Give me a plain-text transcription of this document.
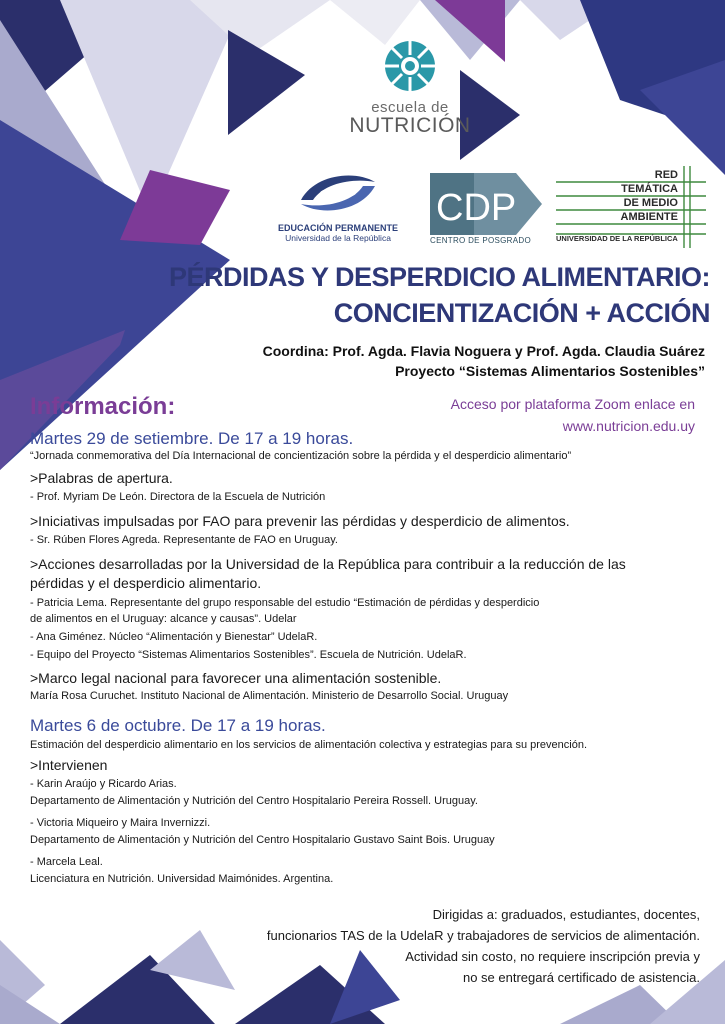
escuela de
NUTRICIÓN
EDUCACIÓN PERMANENTE
Universidad de la República
CDP
CENTRO DE POSGRADO
RED
TEMÁTICA
DE MEDIO
AMBIENTE
UNIVERSIDAD DE LA REPÚBLICA
PÉRDIDAS Y DESPERDICIO ALIMENTARIO:
CONCIENTIZACIÓN + ACCIÓN
Coordina: Prof. Agda. Flavia Noguera y Prof. Agda. Claudia Suárez
Proyecto “Sistemas Alimentarios Sostenibles”
Información:	Acceso por plataforma Zoom enlace en
www.nutricion.edu.uy
Martes 29 de setiembre. De 17 a 19 horas.
“Jornada conmemorativa del Día Internacional de concientización sobre la pérdida y el desperdicio alimentario”
>Palabras de apertura.
- Prof. Myriam De León. Directora de la Escuela de Nutrición
>Iniciativas impulsadas por FAO para prevenir las pérdidas y desperdicio de alimentos.
- Sr. Rúben Flores Agreda. Representante de FAO en Uruguay.
>Acciones desarrolladas por la Universidad de la República para contribuir a la reducción de las
pérdidas y el desperdicio alimentario.
- Patricia Lema. Representante del grupo responsable del estudio “Estimación de pérdidas y desperdicio
de alimentos en el Uruguay: alcance y causas”. Udelar
- Ana Giménez. Núcleo “Alimentación y Bienestar” UdelaR.
- Equipo del Proyecto “Sistemas Alimentarios Sostenibles”. Escuela de Nutrición. UdelaR.
>Marco legal nacional para favorecer una alimentación sostenible.
María Rosa Curuchet. Instituto Nacional de Alimentación. Ministerio de Desarrollo Social. Uruguay
Martes 6 de octubre. De 17 a 19 horas.
Estimación del desperdicio alimentario en los servicios de alimentación colectiva y estrategias para su prevención.
>Intervienen
- Karin Araújo y Ricardo Arias.
Departamento de Alimentación y Nutrición del Centro Hospitalario Pereira Rossell. Uruguay.
- Victoria Miqueiro y Maira Invernizzi.
Departamento de Alimentación y Nutrición del Centro Hospitalario Gustavo Saint Bois. Uruguay
- Marcela Leal.
Licenciatura en Nutrición. Universidad Maimónides. Argentina.
Dirigidas a: graduados, estudiantes, docentes,
funcionarios TAS de la UdelaR y trabajadores de servicios de alimentación.
Actividad sin costo, no requiere inscripción previa y
no se entregará certificado de asistencia.
